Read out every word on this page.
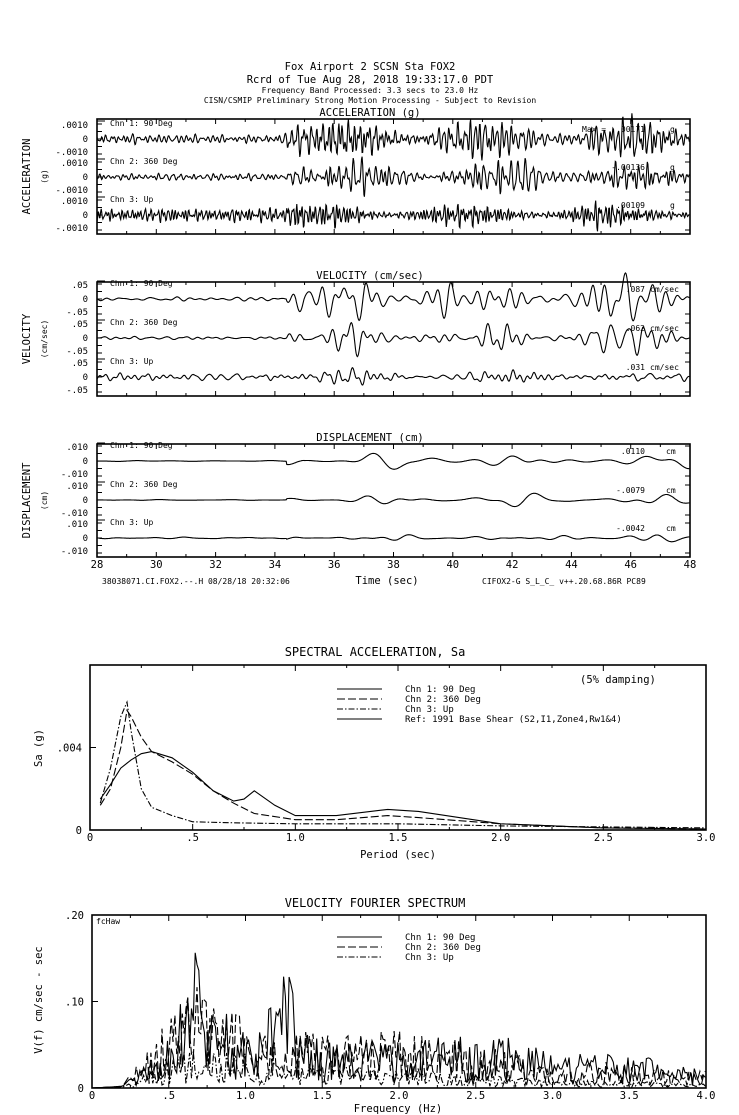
Fox Airport 2 SCSN Sta FOX2
Rcrd of Tue Aug 28, 2018 19:33:17.0 PDT
Frequency Band Processed: 3.3 secs to 23.0 Hz
CISN/CSMIP Preliminary Strong Motion Processing - Subject to Revision
ACCELERATION (g)
ACCELERATION (g)
Chn 1: 90 Deg
.0010
0
-.0010
Max = .00171	g
Chn 2: 360 Deg
.0010
0
-.0010
-.00136	g
Chn 3: Up
.0010
0
-.0010
.00109	g
VELOCITY (cm/sec)
VELOCITY (cm/sec)
Chn 1: 90 Deg
.05
0
-.05
.087 cm/sec
Chn 2: 360 Deg
.05
0
-.05
.062 cm/sec
Chn 3: Up
.05
0
-.05
.031 cm/sec
DISPLACEMENT (cm)
DISPLACEMENT (cm)
28	30	32	34	36	38	40	42	44	46	48
Chn 1: 90 Deg
.010
0
-.010
.0110	cm
Chn 2: 360 Deg
.010
0
-.010
-.0079	cm
Chn 3: Up
.010
0
-.010
-.0042	cm
38038071.CI.FOX2.--.H 08/28/18 20:32:06	Time (sec)	CIFOX2-G S_L_C_ v++.20.68.86R PC89
SPECTRAL ACCELERATION, Sa
(5% damping)
Period (sec)
Sa (g)
0	.5	1.0	1.5	2.0	2.5	3.0
0
.004
Chn 1: 90 Deg
Chn 2: 360 Deg
Chn 3: Up
Ref: 1991 Base Shear (S2,I1,Zone4,Rw1&4)
VELOCITY FOURIER SPECTRUM
fcHaw
Frequency (Hz)
V(f) cm/sec - sec
0	.5	1.0	1.5	2.0	2.5	3.0	3.5	4.0
0
.10
.20
Chn 1: 90 Deg
Chn 2: 360 Deg
Chn 3: Up
